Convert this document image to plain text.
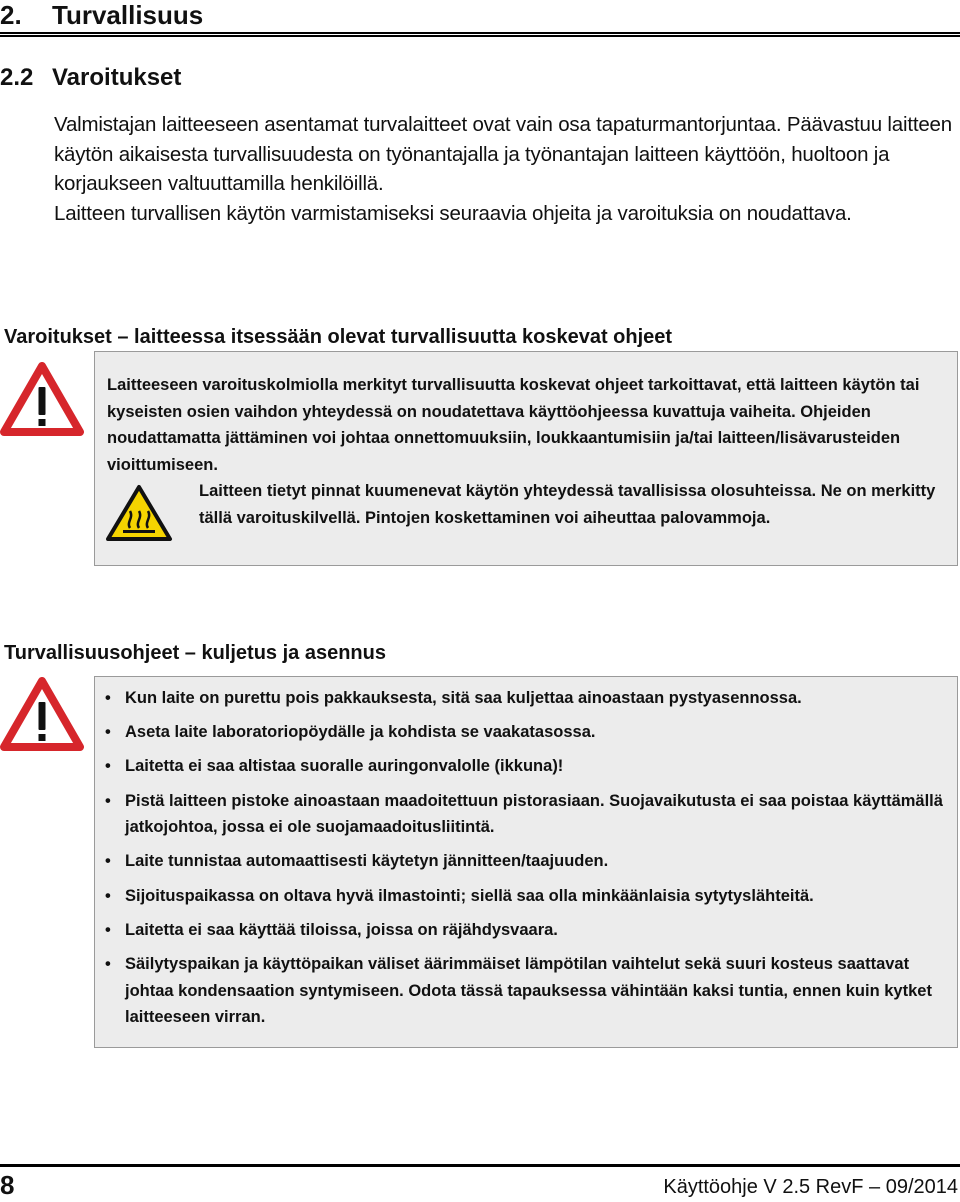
2. Turvallisuus
2.2 Varoitukset

Valmistajan laitteeseen asentamat turvalaitteet ovat vain osa tapaturmantorjuntaa. Päävastuu laitteen käytön aikaisesta turvallisuudesta on työnantajalla ja työnantajan laitteen käyttöön, huoltoon ja korjaukseen valtuuttamilla henkilöillä.

Laitteen turvallisen käytön varmistamiseksi seuraavia ohjeita ja varoituksia on noudattava.

Varoitukset – laitteessa itsessään olevat turvallisuutta koskevat ohjeet
Laitteeseen varoituskolmiolla merkityt turvallisuutta koskevat ohjeet tarkoittavat, että laitteen käytön tai kyseisten osien vaihdon yhteydessä on noudatettava käyttöohjeessa kuvattuja vaiheita. Ohjeiden noudattamatta jättäminen voi johtaa onnettomuuksiin, loukkaantumisiin ja/tai laitteen/lisävarusteiden vioittumiseen.
Laitteen tietyt pinnat kuumenevat käytön yhteydessä tavallisissa olosuhteissa. Ne on merkitty tällä varoituskilvellä. Pintojen koskettaminen voi aiheuttaa palovammoja.
Turvallisuusohjeet – kuljetus ja asennus
• Kun laite on purettu pois pakkauksesta, sitä saa kuljettaa ainoastaan pystyasennossa.
• Aseta laite laboratoriopöydälle ja kohdista se vaakatasossa.
• Laitetta ei saa altistaa suoralle auringonvalolle (ikkuna)!
• Pistä laitteen pistoke ainoastaan maadoitettuun pistorasiaan. Suojavaikutusta ei saa poistaa käyttämällä jatkojohtoa, jossa ei ole suojamaadoitusliitintä.
• Laite tunnistaa automaattisesti käytetyn jännitteen/taajuuden.
• Sijoituspaikassa on oltava hyvä ilmastointi; siellä saa olla minkäänlaisia sytytyslähteitä.
• Laitetta ei saa käyttää tiloissa, joissa on räjähdysvaara.
• Säilytyspaikan ja käyttöpaikan väliset äärimmäiset lämpötilan vaihtelut sekä suuri kosteus saattavat johtaa kondensaation syntymiseen. Odota tässä tapauksessa vähintään kaksi tuntia, ennen kuin kytket laitteeseen virran.
8	Käyttöohje V 2.5 RevF – 09/2014
